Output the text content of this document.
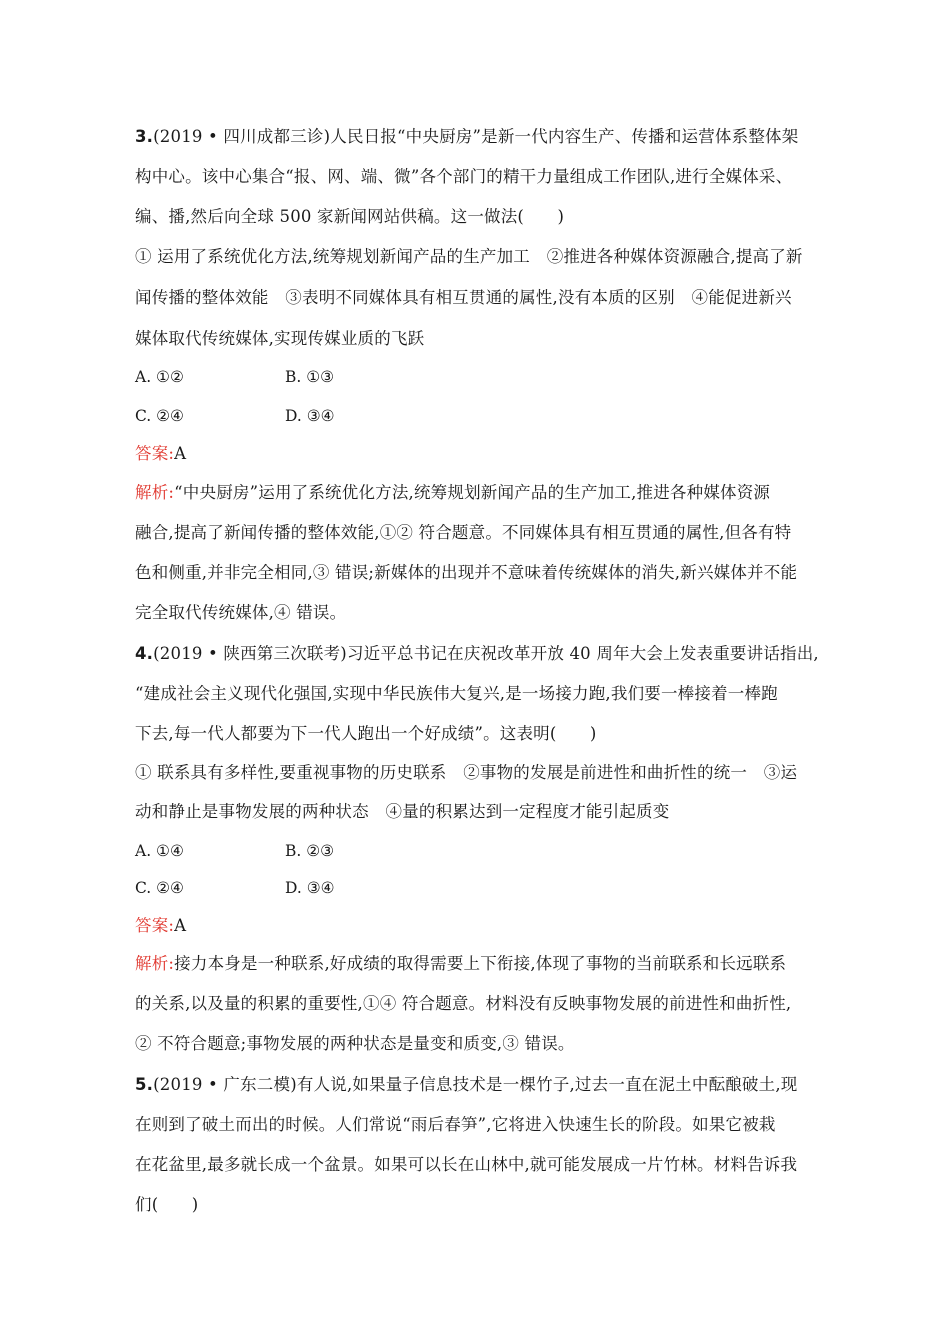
3.(2019 • 四川成都三诊)人民日报“中央厨房”是新一代内容生产、传播和运营体系整体架
构中心。该中心集合“报、网、端、微”各个部门的精干力量组成工作团队,进行全媒体采、
编、播,然后向全球 500 家新闻网站供稿。这一做法(　　)
① 运用了系统优化方法,统筹规划新闻产品的生产加工　②推进各种媒体资源融合,提高了新
闻传播的整体效能　③表明不同媒体具有相互贯通的属性,没有本质的区别　④能促进新兴
媒体取代传统媒体,实现传媒业质的飞跃
A. ①②	B. ①③
C. ②④	D. ③④
答案:A
解析:“中央厨房”运用了系统优化方法,统筹规划新闻产品的生产加工,推进各种媒体资源
融合,提高了新闻传播的整体效能,①② 符合题意。不同媒体具有相互贯通的属性,但各有特
色和侧重,并非完全相同,③ 错误;新媒体的出现并不意味着传统媒体的消失,新兴媒体并不能
完全取代传统媒体,④ 错误。
4.(2019 • 陕西第三次联考)习近平总书记在庆祝改革开放 40 周年大会上发表重要讲话指出,
“建成社会主义现代化强国,实现中华民族伟大复兴,是一场接力跑,我们要一棒接着一棒跑
下去,每一代人都要为下一代人跑出一个好成绩”。这表明(　　)
① 联系具有多样性,要重视事物的历史联系　②事物的发展是前进性和曲折性的统一　③运
动和静止是事物发展的两种状态　④量的积累达到一定程度才能引起质变
A. ①④	B. ②③
C. ②④	D. ③④
答案:A
解析:接力本身是一种联系,好成绩的取得需要上下衔接,体现了事物的当前联系和长远联系
的关系,以及量的积累的重要性,①④ 符合题意。材料没有反映事物发展的前进性和曲折性,
② 不符合题意;事物发展的两种状态是量变和质变,③ 错误。
5.(2019 • 广东二模)有人说,如果量子信息技术是一棵竹子,过去一直在泥土中酝酿破土,现
在则到了破土而出的时候。人们常说“雨后春笋”,它将进入快速生长的阶段。如果它被栽
在花盆里,最多就长成一个盆景。如果可以长在山林中,就可能发展成一片竹林。材料告诉我
们(　　)
